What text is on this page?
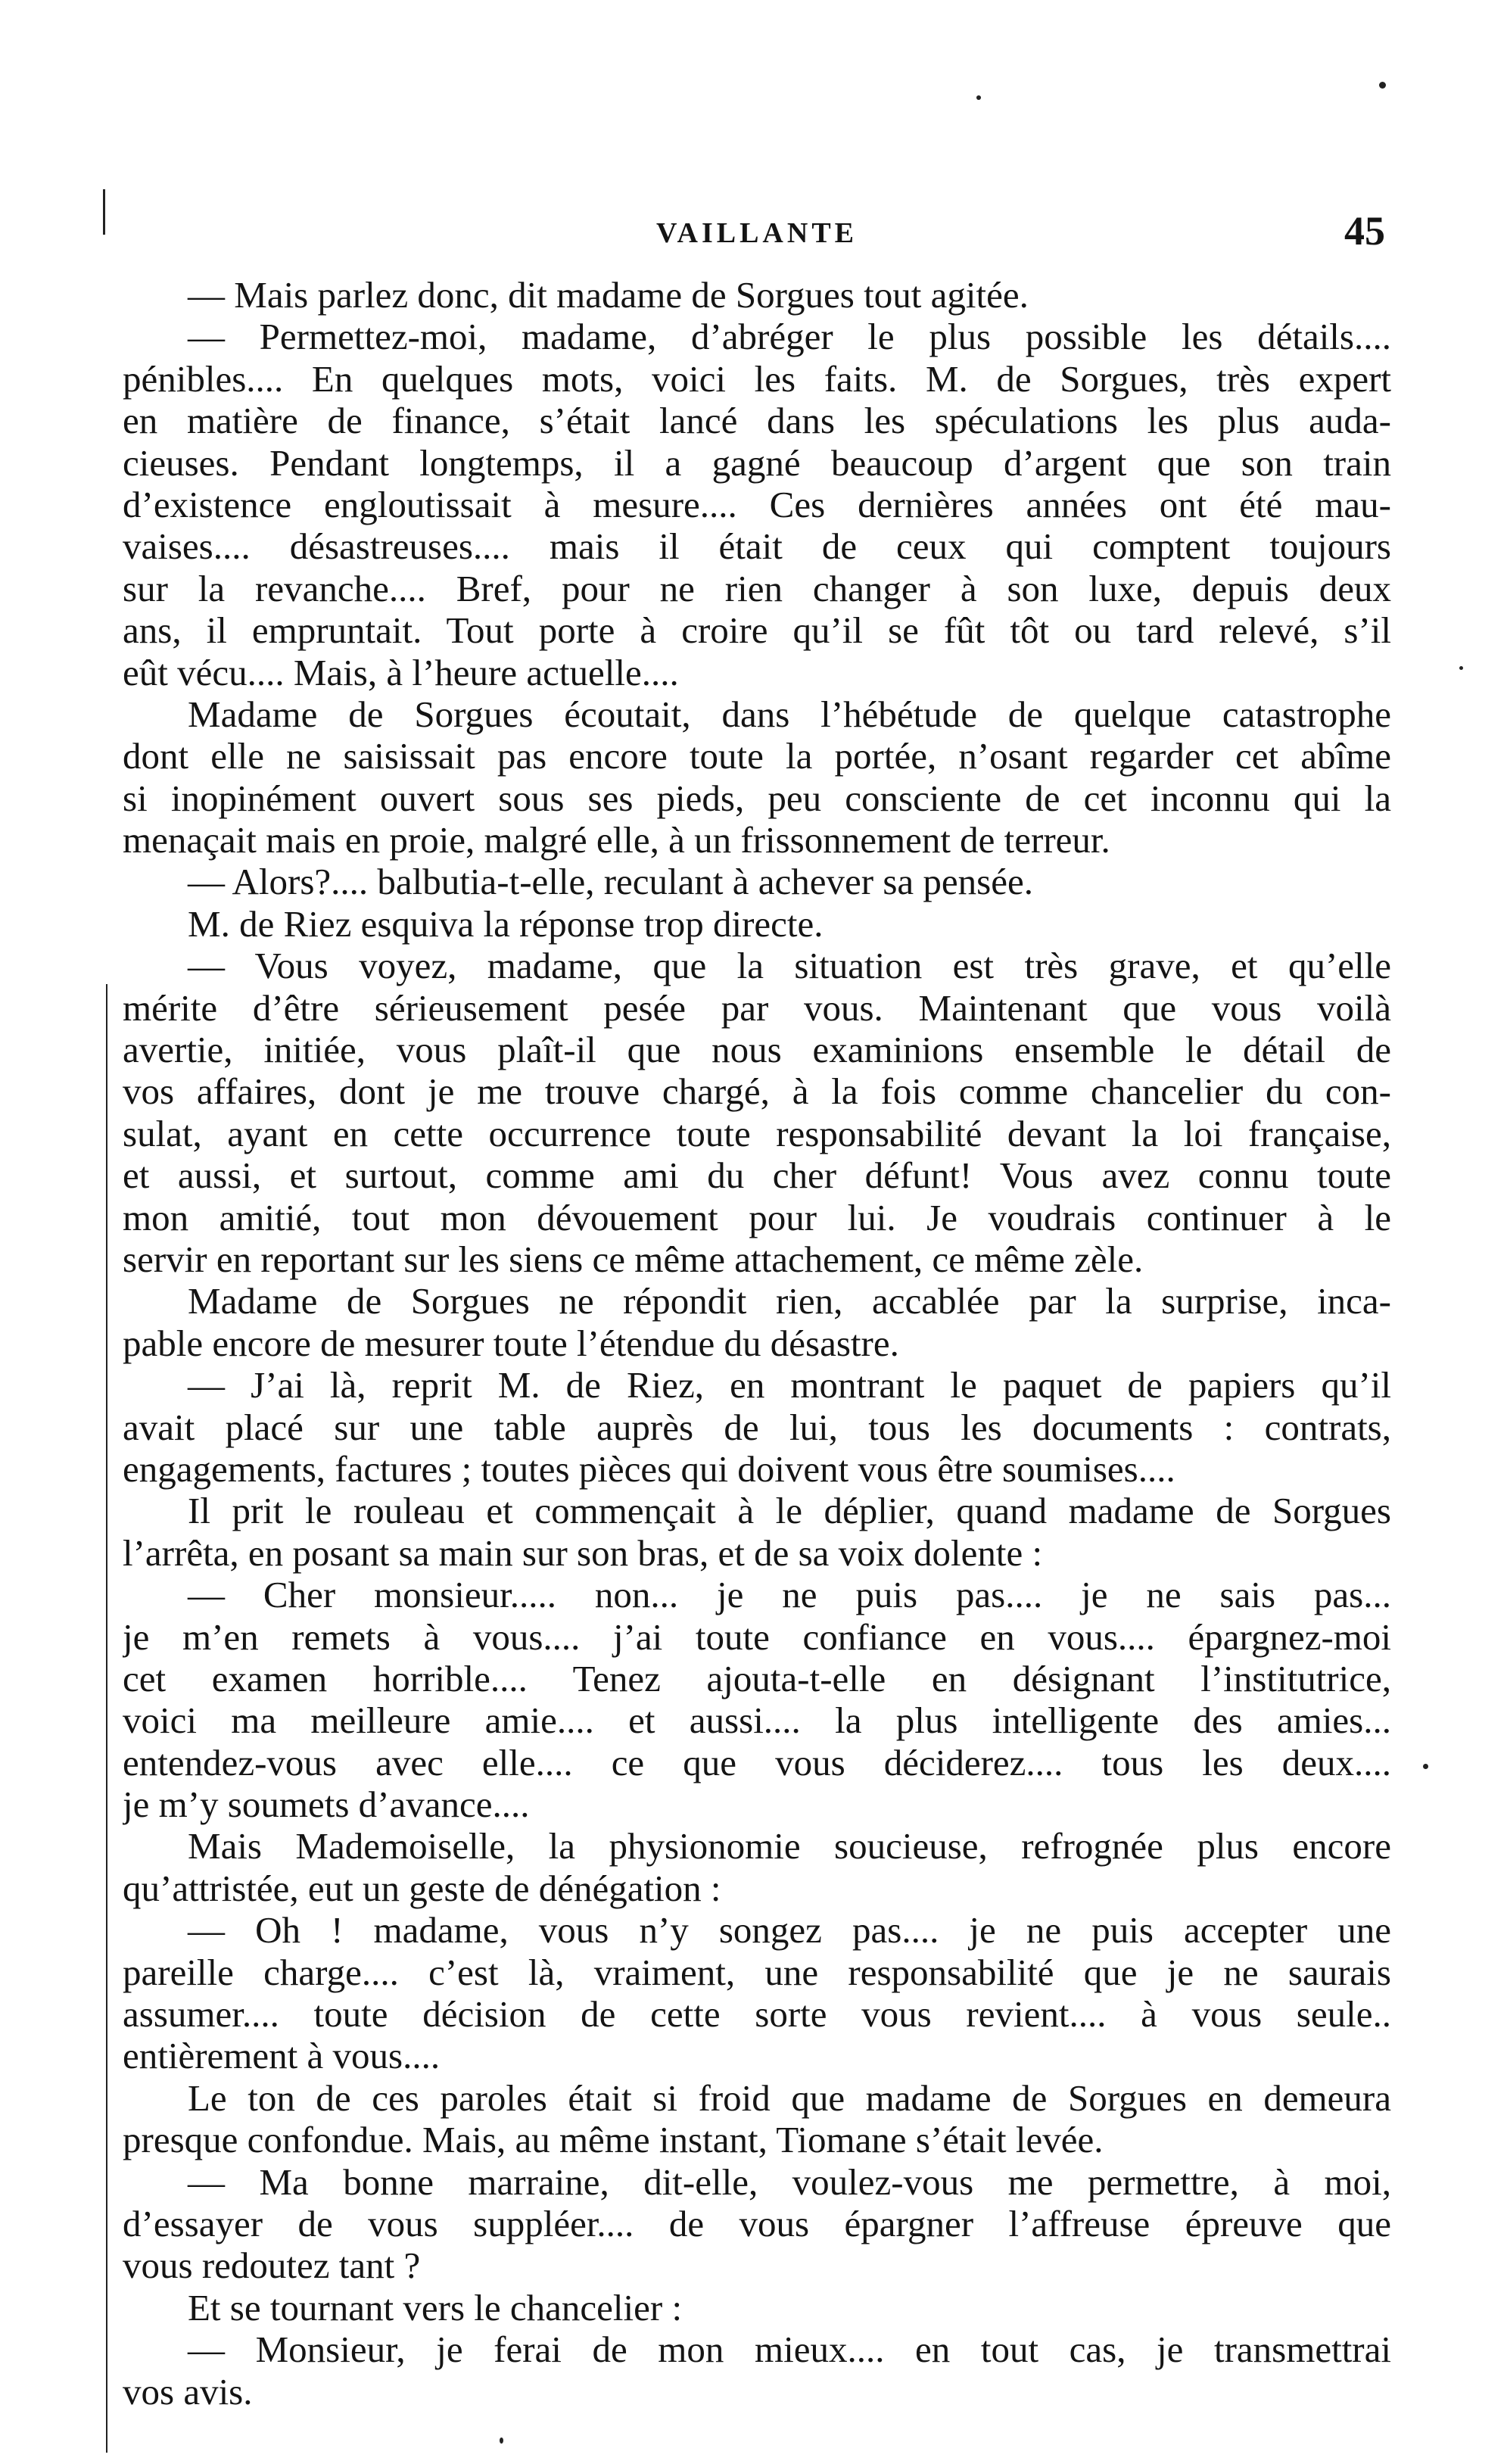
VAILLANTE	45
— Mais parlez donc, dit madame de Sorgues tout agitée.
— Permettez-moi, madame, d’abréger le plus possible les détails....
pénibles.... En quelques mots, voici les faits. M. de Sorgues, très expert
en matière de finance, s’était lancé dans les spéculations les plus auda-
cieuses. Pendant longtemps, il a gagné beaucoup d’argent que son train
d’existence engloutissait à mesure.... Ces dernières années ont été mau-
vaises.... désastreuses.... mais il était de ceux qui comptent toujours
sur la revanche.... Bref, pour ne rien changer à son luxe, depuis deux
ans, il empruntait. Tout porte à croire qu’il se fût tôt ou tard relevé, s’il
eût vécu.... Mais, à l’heure actuelle....
Madame de Sorgues écoutait, dans l’hébétude de quelque catastrophe
dont elle ne saisissait pas encore toute la portée, n’osant regarder cet abîme
si inopinément ouvert sous ses pieds, peu consciente de cet inconnu qui la
menaçait mais en proie, malgré elle, à un frissonnement de terreur.
— Alors?.... balbutia-t-elle, reculant à achever sa pensée.
M. de Riez esquiva la réponse trop directe.
— Vous voyez, madame, que la situation est très grave, et qu’elle
mérite d’être sérieusement pesée par vous. Maintenant que vous voilà
avertie, initiée, vous plaît-il que nous examinions ensemble le détail de
vos affaires, dont je me trouve chargé, à la fois comme chancelier du con-
sulat, ayant en cette occurrence toute responsabilité devant la loi française,
et aussi, et surtout, comme ami du cher défunt! Vous avez connu toute
mon amitié, tout mon dévouement pour lui. Je voudrais continuer à le
servir en reportant sur les siens ce même attachement, ce même zèle.
Madame de Sorgues ne répondit rien, accablée par la surprise, inca-
pable encore de mesurer toute l’étendue du désastre.
— J’ai là, reprit M. de Riez, en montrant le paquet de papiers qu’il
avait placé sur une table auprès de lui, tous les documents : contrats,
engagements, factures ; toutes pièces qui doivent vous être soumises....
Il prit le rouleau et commençait à le déplier, quand madame de Sorgues
l’arrêta, en posant sa main sur son bras, et de sa voix dolente :
— Cher monsieur..... non... je ne puis pas.... je ne sais pas...
je m’en remets à vous.... j’ai toute confiance en vous.... épargnez-moi
cet examen horrible.... Tenez ajouta-t-elle en désignant l’institutrice,
voici ma meilleure amie.... et aussi.... la plus intelligente des amies...
entendez-vous avec elle.... ce que vous déciderez.... tous les deux....
je m’y soumets d’avance....
Mais Mademoiselle, la physionomie soucieuse, refrognée plus encore
qu’attristée, eut un geste de dénégation :
— Oh ! madame, vous n’y songez pas.... je ne puis accepter une
pareille charge.... c’est là, vraiment, une responsabilité que je ne saurais
assumer.... toute décision de cette sorte vous revient.... à vous seule..
entièrement à vous....
Le ton de ces paroles était si froid que madame de Sorgues en demeura
presque confondue. Mais, au même instant, Tiomane s’était levée.
— Ma bonne marraine, dit-elle, voulez-vous me permettre, à moi,
d’essayer de vous suppléer.... de vous épargner l’affreuse épreuve que
vous redoutez tant ?
Et se tournant vers le chancelier :
— Monsieur, je ferai de mon mieux.... en tout cas, je transmettrai
vos avis.
